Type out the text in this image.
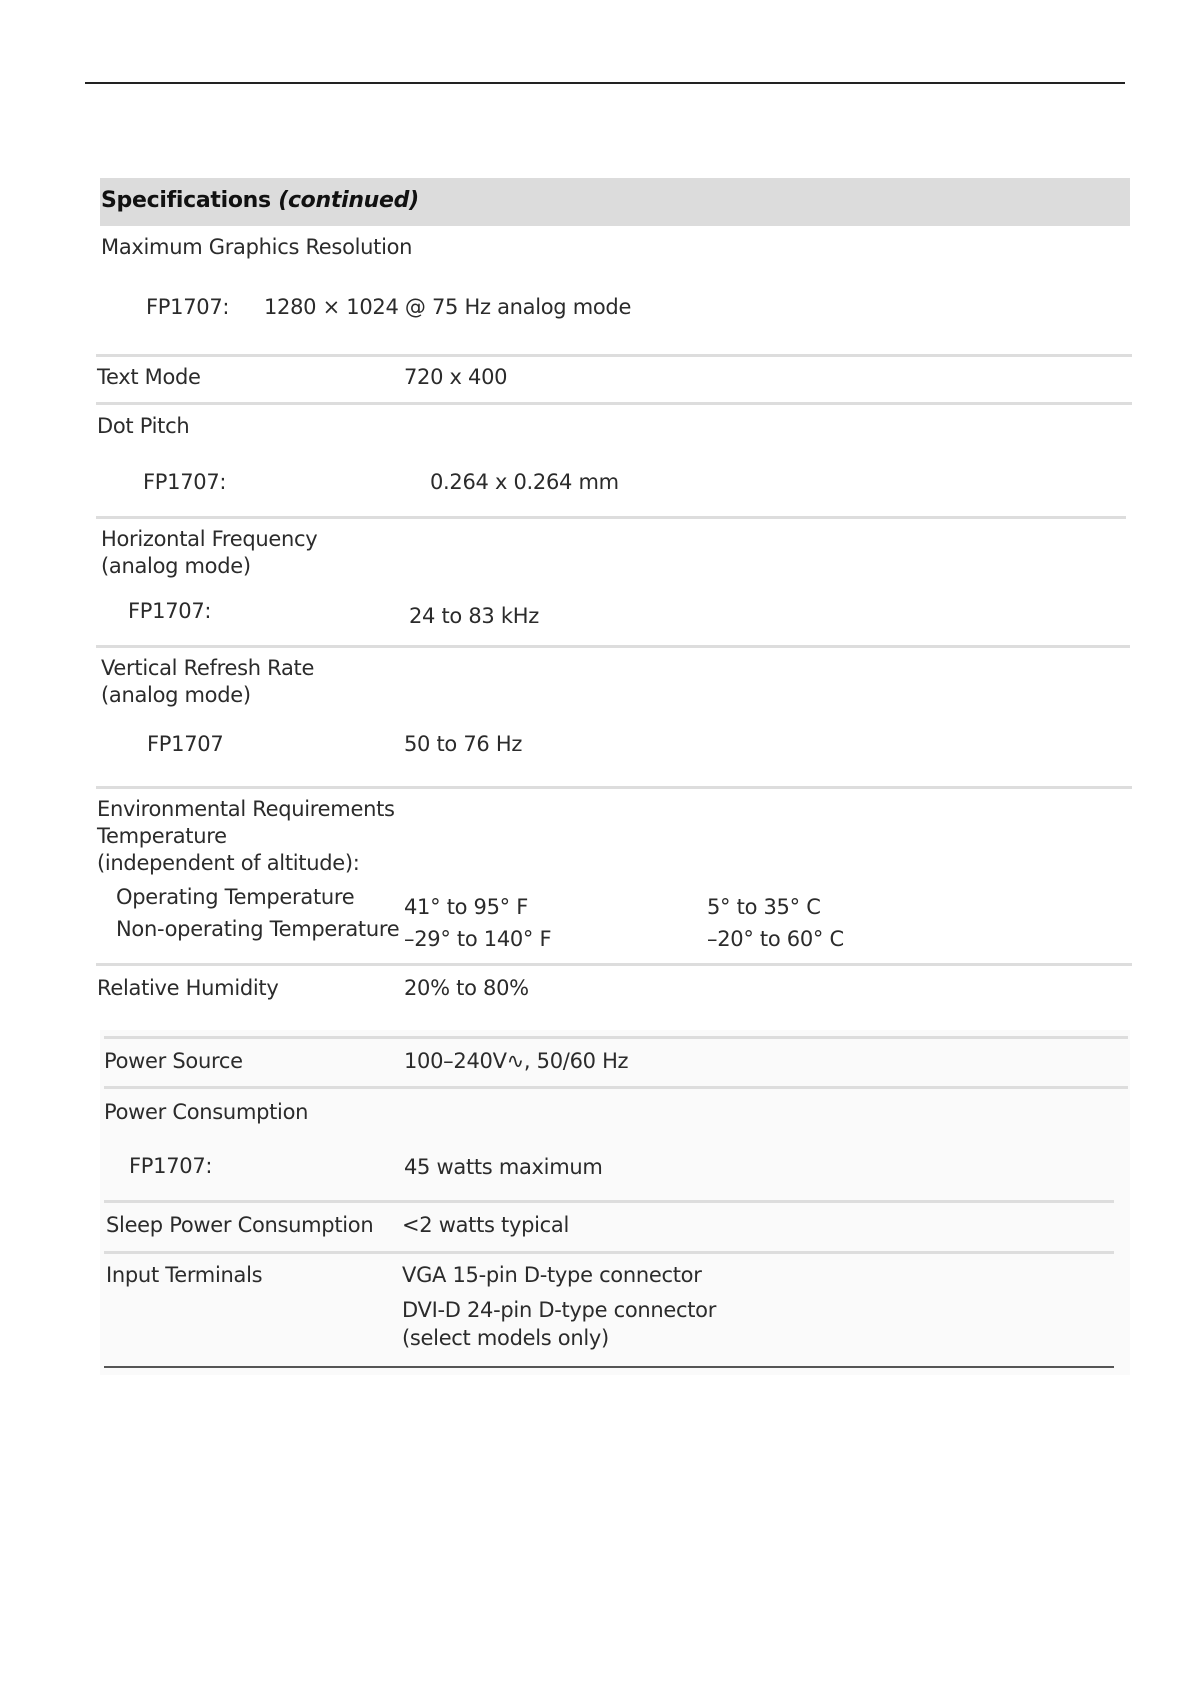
Specifications (continued)
Maximum Graphics Resolution
FP1707: 1280 × 1024 @ 75 Hz analog mode
Text Mode	720 x 400
Dot Pitch
FP1707:	0.264 x 0.264 mm
Horizontal Frequency
(analog mode)
FP1707:	24 to 83 kHz
Vertical Refresh Rate
(analog mode)
FP1707	50 to 76 Hz
Environmental Requirements
Temperature
(independent of altitude):
Operating Temperature 41° to 95° F	5° to 35° C
Non-operating Temperature –29° to 140° F	–20° to 60° C
Relative Humidity	20% to 80%
Power Source	100–240V∿, 50/60 Hz
Power Consumption
FP1707:	45 watts maximum
Sleep Power Consumption <2 watts typical
Input Terminals	VGA 15-pin D-type connector
DVI-D 24-pin D-type connector
(select models only)
